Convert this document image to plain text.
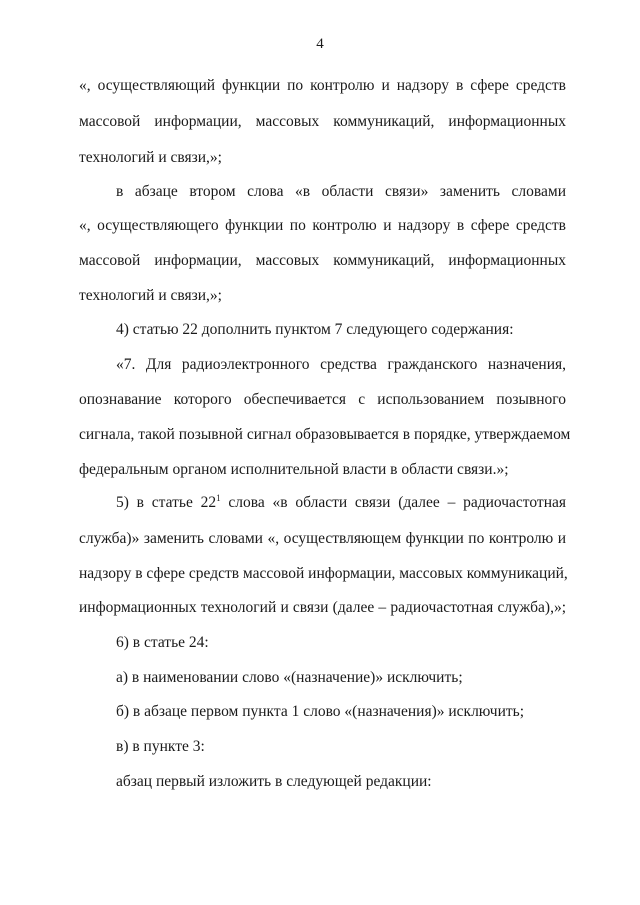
4
«, осуществляющий функции по контролю и надзору в сфере средств
массовой информации, массовых коммуникаций, информационных
технологий и связи,»;
в абзаце втором слова «в области связи» заменить словами
«, осуществляющего функции по контролю и надзору в сфере средств
массовой информации, массовых коммуникаций, информационных
технологий и связи,»;
4) статью 22 дополнить пунктом 7 следующего содержания:
«7. Для радиоэлектронного средства гражданского назначения,
опознавание которого обеспечивается с использованием позывного
сигнала, такой позывной сигнал образовывается в порядке, утверждаемом
федеральным органом исполнительной власти в области связи.»;
5) в статье $22^1$ слова «в области связи (далее – радиочастотная
служба)» заменить словами «, осуществляющем функции по контролю и
надзору в сфере средств массовой информации, массовых коммуникаций,
информационных технологий и связи (далее – радиочастотная служба),»;
6) в статье 24:
а) в наименовании слово «(назначение)» исключить;
б) в абзаце первом пункта 1 слово «(назначения)» исключить;
в) в пункте 3:
абзац первый изложить в следующей редакции:
